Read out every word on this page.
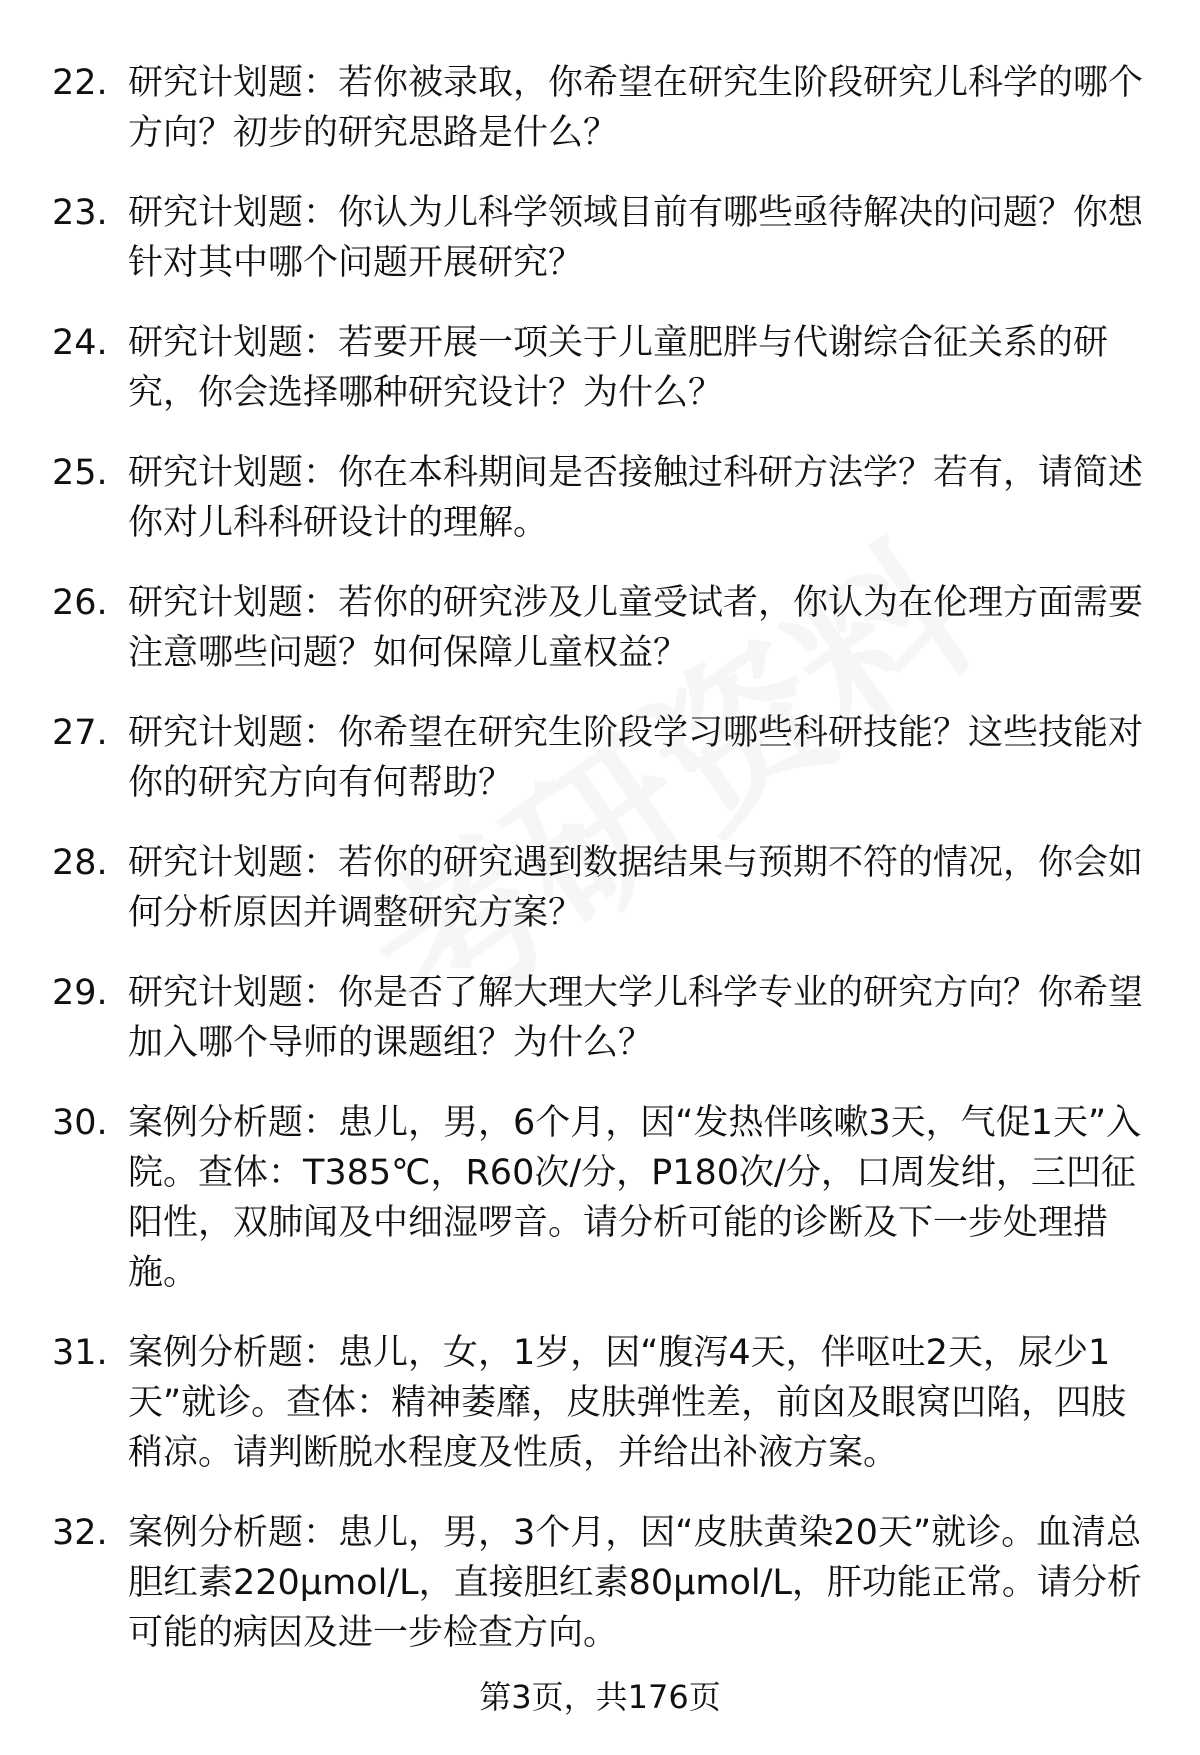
22. 研究计划题：若你被录取，你希望在研究生阶段研究儿科学的哪个方向？初步的研究思路是什么？
23. 研究计划题：你认为儿科学领域目前有哪些亟待解决的问题？你想针对其中哪个问题开展研究？
24. 研究计划题：若要开展一项关于儿童肥胖与代谢综合征关系的研究，你会选择哪种研究设计？为什么？
25. 研究计划题：你在本科期间是否接触过科研方法学？若有，请简述你对儿科科研设计的理解。
26. 研究计划题：若你的研究涉及儿童受试者，你认为在伦理方面需要注意哪些问题？如何保障儿童权益？
27. 研究计划题：你希望在研究生阶段学习哪些科研技能？这些技能对你的研究方向有何帮助？
28. 研究计划题：若你的研究遇到数据结果与预期不符的情况，你会如何分析原因并调整研究方案？
29. 研究计划题：你是否了解大理大学儿科学专业的研究方向？你希望加入哪个导师的课题组？为什么？
30. 案例分析题：患儿，男，6个月，因“发热伴咳嗽3天，气促1天”入院。查体：T385℃，R60次/分，P180次/分，口周发绀，三凹征阳性，双肺闻及中细湿啰音。请分析可能的诊断及下一步处理措施。
31. 案例分析题：患儿，女，1岁，因“腹泻4天，伴呕吐2天，尿少1天”就诊。查体：精神萎靡，皮肤弹性差，前囟及眼窝凹陷，四肢稍凉。请判断脱水程度及性质，并给出补液方案。
32. 案例分析题：患儿，男，3个月，因“皮肤黄染20天”就诊。血清总胆红素220μmol/L，直接胆红素80μmol/L，肝功能正常。请分析可能的病因及进一步检查方向。
第3页，共176页
